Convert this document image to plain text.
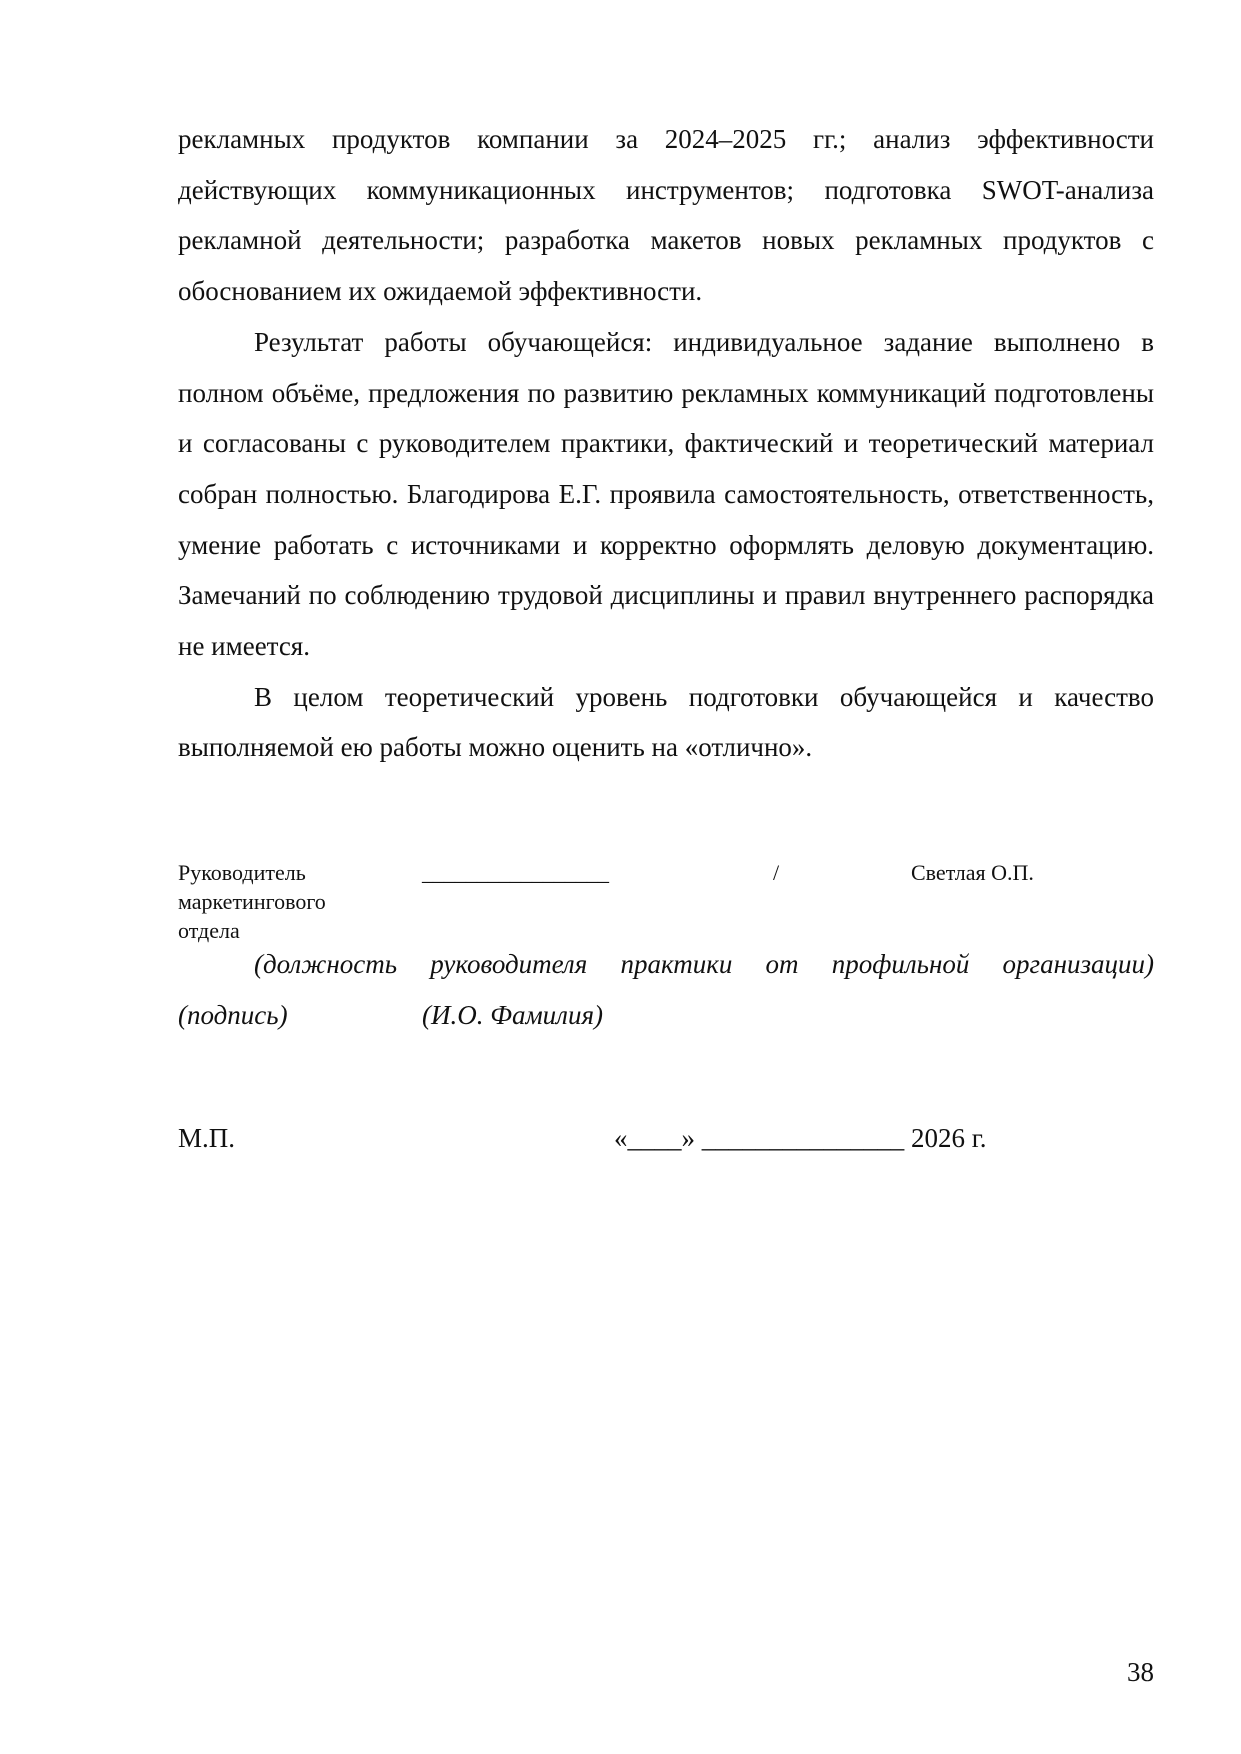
рекламных продуктов компании за 2024–2025 гг.; анализ эффективности действующих коммуникационных инструментов; подготовка SWOT-анализа рекламной деятельности; разработка макетов новых рекламных продуктов с обоснованием их ожидаемой эффективности.

Результат работы обучающейся: индивидуальное задание выполнено в полном объёме, предложения по развитию рекламных коммуникаций подготовлены и согласованы с руководителем практики, фактический и теоретический материал собран полностью. Благодирова Е.Г. проявила самостоятельность, ответственность, умение работать с источниками и корректно оформлять деловую документацию. Замечаний по соблюдению трудовой дисциплины и правил внутреннего распорядка не имеется.

В целом теоретический уровень подготовки обучающейся и качество выполняемой ею работы можно оценить на «отлично».

Руководитель маркетингового отдела
_________________	/	Светлая О.П.
(должность руководителя практики от профильной организации)
(подпись)	(И.О. Фамилия)
М.П.	«____» _______________ 2026 г.
38
